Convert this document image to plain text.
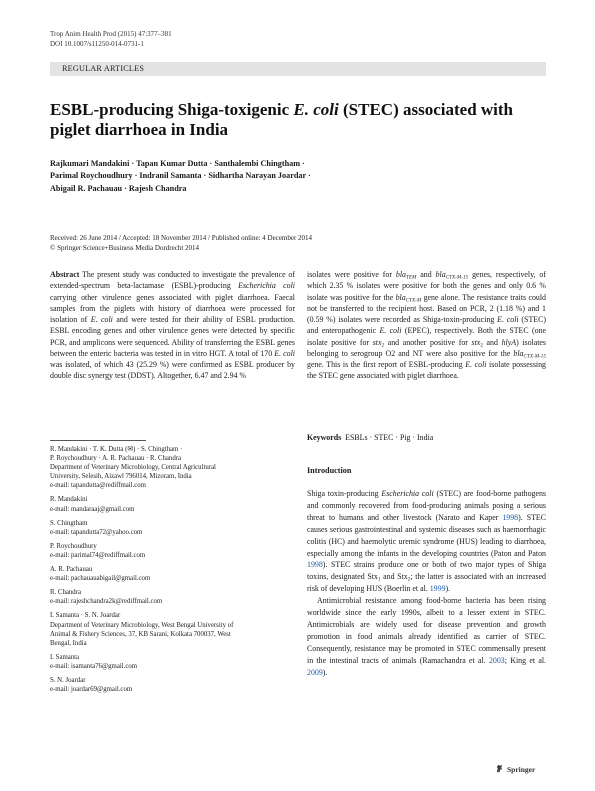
Trop Anim Health Prod (2015) 47:377–381
DOI 10.1007/s11250-014-0731-1
REGULAR ARTICLES
ESBL-producing Shiga-toxigenic E. coli (STEC) associated with piglet diarrhoea in India
Rajkumari Mandakini · Tapan Kumar Dutta · Santhalembi Chingtham ·
Parimal Roychoudhury · Indranil Samanta · Sidhartha Narayan Joardar ·
Abigail R. Pachauau · Rajesh Chandra
Received: 26 June 2014 / Accepted: 18 November 2014 / Published online: 4 December 2014
© Springer Science+Business Media Dordrecht 2014
Abstract The present study was conducted to investigate the prevalence of extended-spectrum beta-lactamase (ESBL)-producing Escherichia coli carrying other virulence genes associated with piglet diarrhoea. Faecal samples from the piglets with history of diarrhoea were processed for isolation of E. coli and were tested for their ability of ESBL production. ESBL encoding genes and other virulence genes were detected by specific PCR, and amplicons were sequenced. Ability of transferring the ESBL genes between the enteric bacteria was tested in in vitro HGT. A total of 170 E. coli was isolated, of which 43 (25.29 %) were confirmed as ESBL producer by double disc synergy test (DDST). Altogether, 6.47 and 2.94 %
isolates were positive for bla$_{TEM}$ and bla$_{CTX-M-15}$ genes, respectively, of which 2.35 % isolates were positive for both the genes and only 0.6 % isolate was positive for the bla$_{CTX-M}$ gene alone. The resistance traits could not be transferred to the recipient host. Based on PCR, 2 (1.18 %) and 1 (0.59 %) isolates were recorded as Shiga-toxin-producing E. coli (STEC) and enteropathogenic E. coli (EPEC), respectively. Both the STEC (one isolate positive for stx$_2$ and another positive for stx$_2$ and hlyA) isolates belonging to serogroup O2 and NT were also positive for the bla$_{CTX-M-15}$ gene. This is the first report of ESBL-producing E. coli isolate possessing the STEC gene associated with piglet diarrhoea.
R. Mandakini · T. K. Dutta (✉) · S. Chingtham ·
P. Roychoudhury · A. R. Pachauau · R. Chandra
Department of Veterinary Microbiology, Central Agricultural
University, Selesih, Aizawl 796014, Mizoram, India
e-mail: tapandutta@rediffmail.com
R. Mandakini
e-mail: mandaraaj@gmail.com
S. Chingtham
e-mail: tapandutta72@yahoo.com
P. Roychoudhury
e-mail: parimal74@rediffmail.com
A. R. Pachauau
e-mail: pachauauabigail@gmail.com
R. Chandra
e-mail: rajeshchandra2k@rediffmail.com
I. Samanta · S. N. Joardar
Department of Veterinary Microbiology, West Bengal University of
Animal & Fishery Sciences, 37, KB Sarani, Kolkata 700037, West
Bengal, India
I. Samanta
e-mail: isamanta76@gmail.com
S. N. Joardar
e-mail: joardar69@gmail.com
Keywords ESBLs · STEC · Pig · India
Introduction

Shiga toxin-producing Escherichia coli (STEC) are food-borne pathogens and commonly recovered from food-producing animals posing a serious threat to humans and other livestock (Narato and Kaper 1998). STEC causes serious gastrointestinal and systemic diseases such as haemorrhagic colitis (HC) and haemolytic uremic syndrome (HUS) leading to diarrhoea, especially among the infants in the developing countries (Paton and Paton 1998). STEC strains produce one or both of two major types of Shiga toxins, designated Stx$_1$ and Stx$_2$; the latter is associated with an increased risk of developing HUS (Boerlin et al. 1999).

Antimicrobial resistance among food-borne bacteria has been rising worldwide since the early 1990s, albeit to a lesser extent in STEC. Antimicrobials are widely used for disease prevention and growth promotion in food animals already identified as carrier of STEC. Consequently, resistance may be promoted in STEC commensally present in the intestinal tracts of animals (Ramachandra et al. 2003; King et al. 2009).

Springer
